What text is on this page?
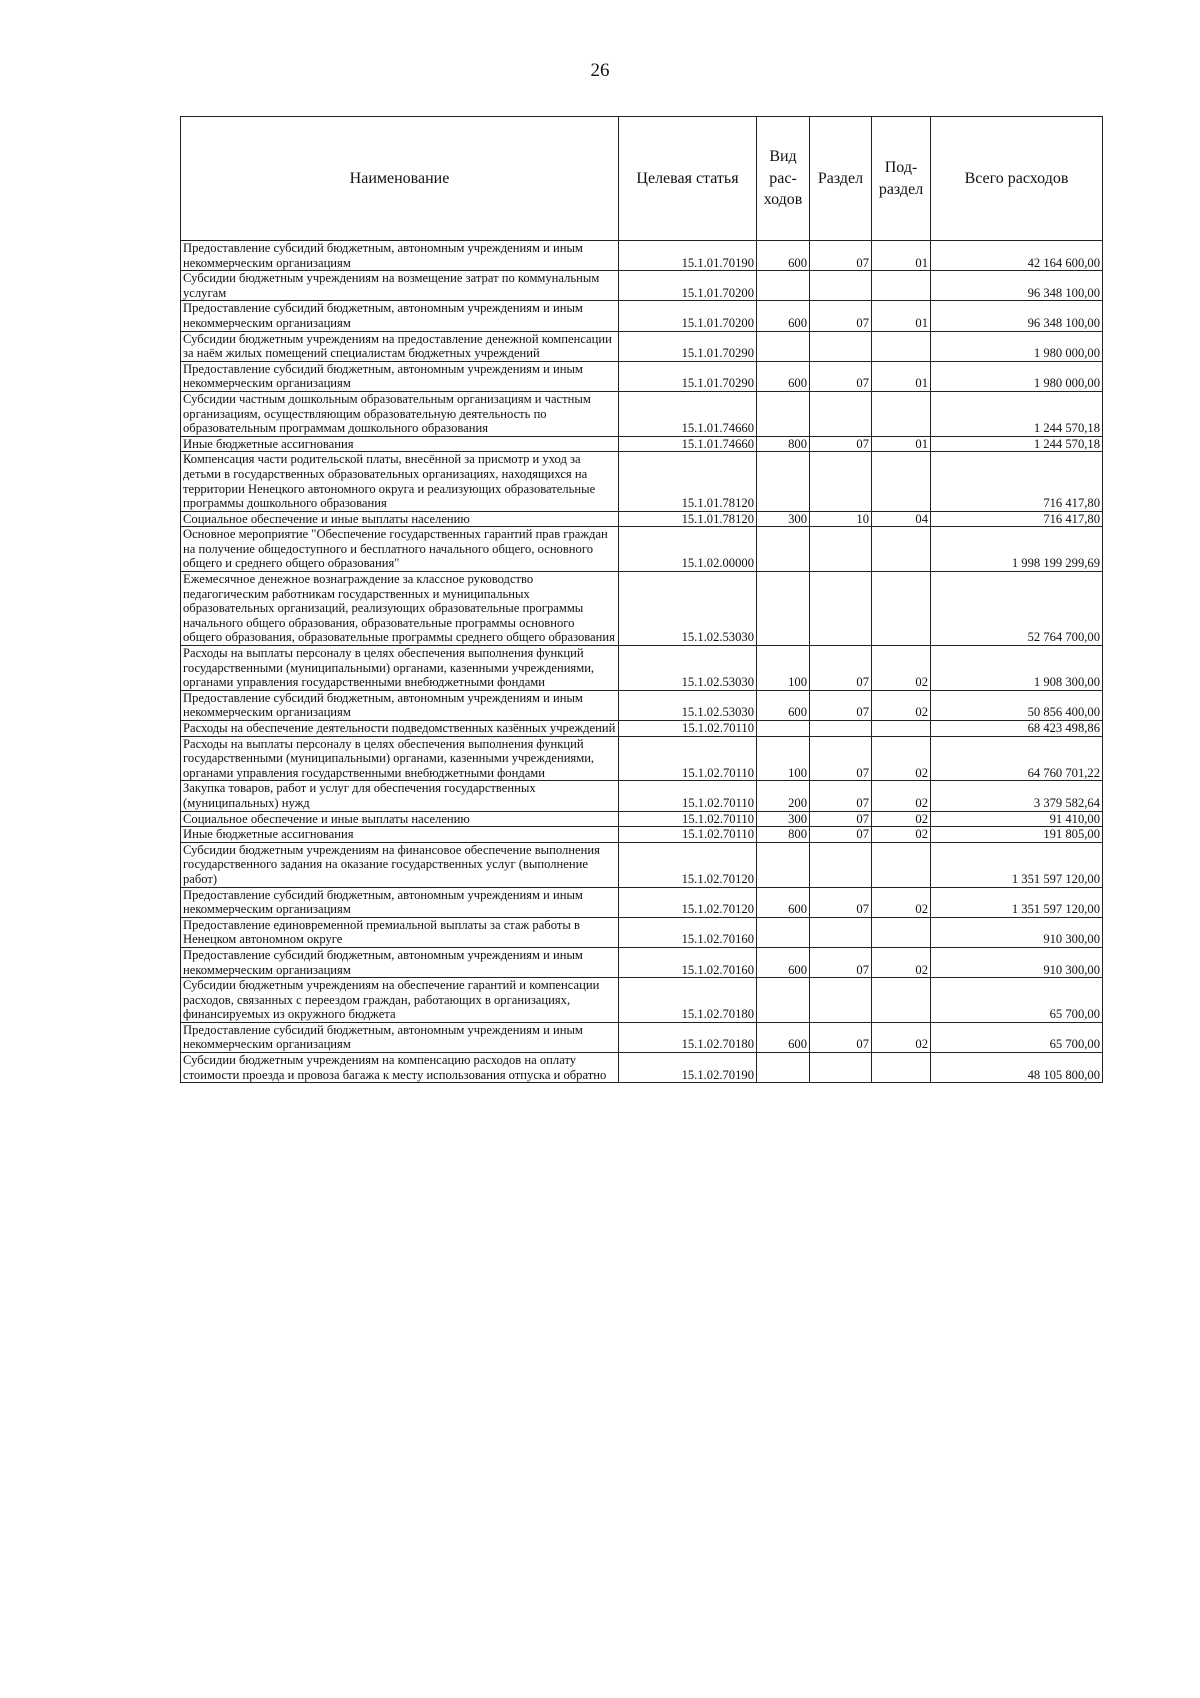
26
Наименование	Целевая статья	Вид рас- ходов	Раздел	Под- раздел	Всего расходов
Предоставление субсидий бюджетным, автономным учреждениям и иным некоммерческим организациям	15.1.01.70190	600	07	01	42 164 600,00
Субсидии бюджетным учреждениям на возмещение затрат по коммунальным услугам	15.1.01.70200				96 348 100,00
Предоставление субсидий бюджетным, автономным учреждениям и иным некоммерческим организациям	15.1.01.70200	600	07	01	96 348 100,00
Субсидии бюджетным учреждениям на предоставление денежной компенсации за наём жилых помещений специалистам бюджетных учреждений	15.1.01.70290				1 980 000,00
Предоставление субсидий бюджетным, автономным учреждениям и иным некоммерческим организациям	15.1.01.70290	600	07	01	1 980 000,00
Субсидии частным дошкольным образовательным организациям и частным организациям, осуществляющим образовательную деятельность по образовательным программам дошкольного образования	15.1.01.74660				1 244 570,18
Иные бюджетные ассигнования	15.1.01.74660	800	07	01	1 244 570,18
Компенсация части родительской платы, внесённой за присмотр и уход за детьми в государственных образовательных организациях, находящихся на территории Ненецкого автономного округа и реализующих образовательные программы дошкольного образования	15.1.01.78120				716 417,80
Социальное обеспечение и иные выплаты населению	15.1.01.78120	300	10	04	716 417,80
Основное мероприятие "Обеспечение государственных гарантий прав граждан на получение общедоступного и бесплатного начального общего, основного общего и среднего общего образования"	15.1.02.00000				1 998 199 299,69
Ежемесячное денежное вознаграждение за классное руководство педагогическим работникам государственных и муниципальных образовательных организаций, реализующих образовательные программы начального общего образования, образовательные программы основного общего образования, образовательные программы среднего общего образования	15.1.02.53030				52 764 700,00
Расходы на выплаты персоналу в целях обеспечения выполнения функций государственными (муниципальными) органами, казенными учреждениями, органами управления государственными внебюджетными фондами	15.1.02.53030	100	07	02	1 908 300,00
Предоставление субсидий бюджетным, автономным учреждениям и иным некоммерческим организациям	15.1.02.53030	600	07	02	50 856 400,00
Расходы на обеспечение деятельности подведомственных казённых учреждений	15.1.02.70110				68 423 498,86
Расходы на выплаты персоналу в целях обеспечения выполнения функций государственными (муниципальными) органами, казенными учреждениями, органами управления государственными внебюджетными фондами	15.1.02.70110	100	07	02	64 760 701,22
Закупка товаров, работ и услуг для обеспечения государственных (муниципальных) нужд	15.1.02.70110	200	07	02	3 379 582,64
Социальное обеспечение и иные выплаты населению	15.1.02.70110	300	07	02	91 410,00
Иные бюджетные ассигнования	15.1.02.70110	800	07	02	191 805,00
Субсидии бюджетным учреждениям на финансовое обеспечение выполнения государственного задания на оказание государственных услуг (выполнение работ)	15.1.02.70120				1 351 597 120,00
Предоставление субсидий бюджетным, автономным учреждениям и иным некоммерческим организациям	15.1.02.70120	600	07	02	1 351 597 120,00
Предоставление единовременной премиальной выплаты за стаж работы в Ненецком автономном округе	15.1.02.70160				910 300,00
Предоставление субсидий бюджетным, автономным учреждениям и иным некоммерческим организациям	15.1.02.70160	600	07	02	910 300,00
Субсидии бюджетным учреждениям на обеспечение гарантий и компенсации расходов, связанных с переездом граждан, работающих в организациях, финансируемых из окружного бюджета	15.1.02.70180				65 700,00
Предоставление субсидий бюджетным, автономным учреждениям и иным некоммерческим организациям	15.1.02.70180	600	07	02	65 700,00
Субсидии бюджетным учреждениям на компенсацию расходов на оплату стоимости проезда и провоза багажа к месту использования отпуска и обратно	15.1.02.70190				48 105 800,00
